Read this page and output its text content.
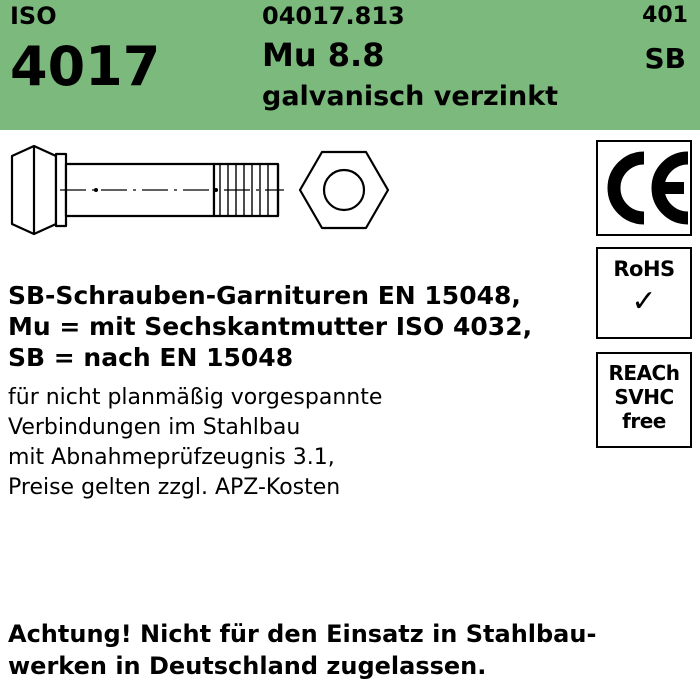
ISO	04017.813	401
4017	Mu 8.8
galvanisch verzinkt
SB
RoHS
✓
REACh
SVHC
free
SB-Schrauben-Garnituren EN 15048,
Mu = mit Sechskantmutter ISO 4032,
SB = nach EN 15048
für nicht planmäßig vorgespannte
Verbindungen im Stahlbau
mit Abnahmeprüfzeugnis 3.1,
Preise gelten zzgl. APZ-Kosten
Achtung! Nicht für den Einsatz in Stahlbau-
werken in Deutschland zugelassen.
